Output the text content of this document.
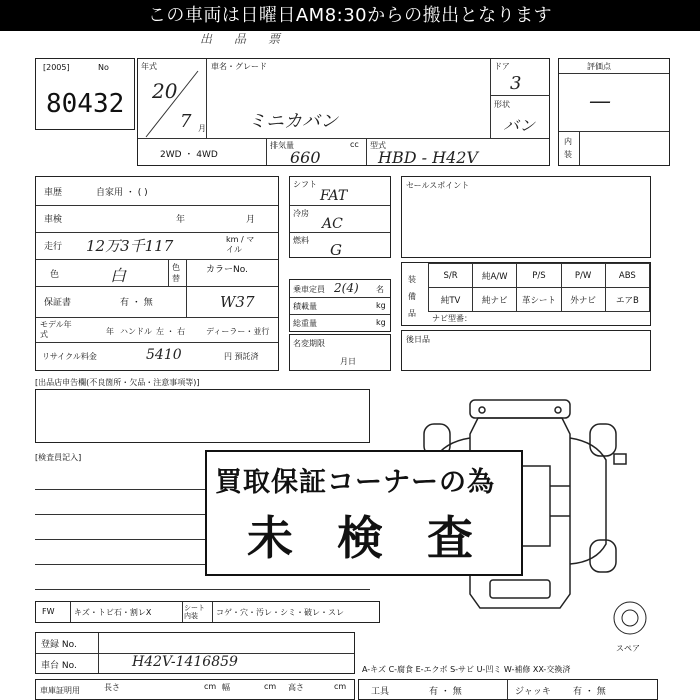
この車両は日曜日AM8:30からの搬出となります
出品票
[2005]	No
80432
年式
20
7 月
車名・グレード
ミニカバン
ドア
3
形状
バン
2WD ・ 4WD
排気量	cc
660
型式
HBD - H42V
評価点
—
内装
車歴	自家用 ・ ( )
車検	年	月
走行 12万3千117	km / マイル
色	白	色替
カラーNo.
W37
保証書	有 ・ 無
モデル年式	年 ハンドル 左 ・ 右	ディーラー・並行
リサイクル料金	5410	円 預託済
シフト
FAT
冷房
AC
燃料
G
乗車定員 2(4) 名
積載量	kg
総重量	kg
名変期限
月日
セールスポイント
装備品
S/R	純A/W	P/S	P/W	ABS
純TV	純ナビ	革シート	外ナビ	エアB
ナビ型番：
後日品
[出品店申告欄(不良箇所・欠品・注意事項等)]
[検査員記入]
スペア
買取保証コーナーの為
未 検 査
FW キズ・トビ石・割レX	シート内装	コゲ・穴・汚レ・シミ・破レ・スレ
登録 No.
車台 No.	H42V-1416859
車庫証明用	長さ	cm 幅	cm 高さ	cm
A-キズ C-腐食 E-エクボ S-サビ U-凹ミ W-補修 XX-交換済
工具	有 ・ 無	ジャッキ 有 ・ 無
